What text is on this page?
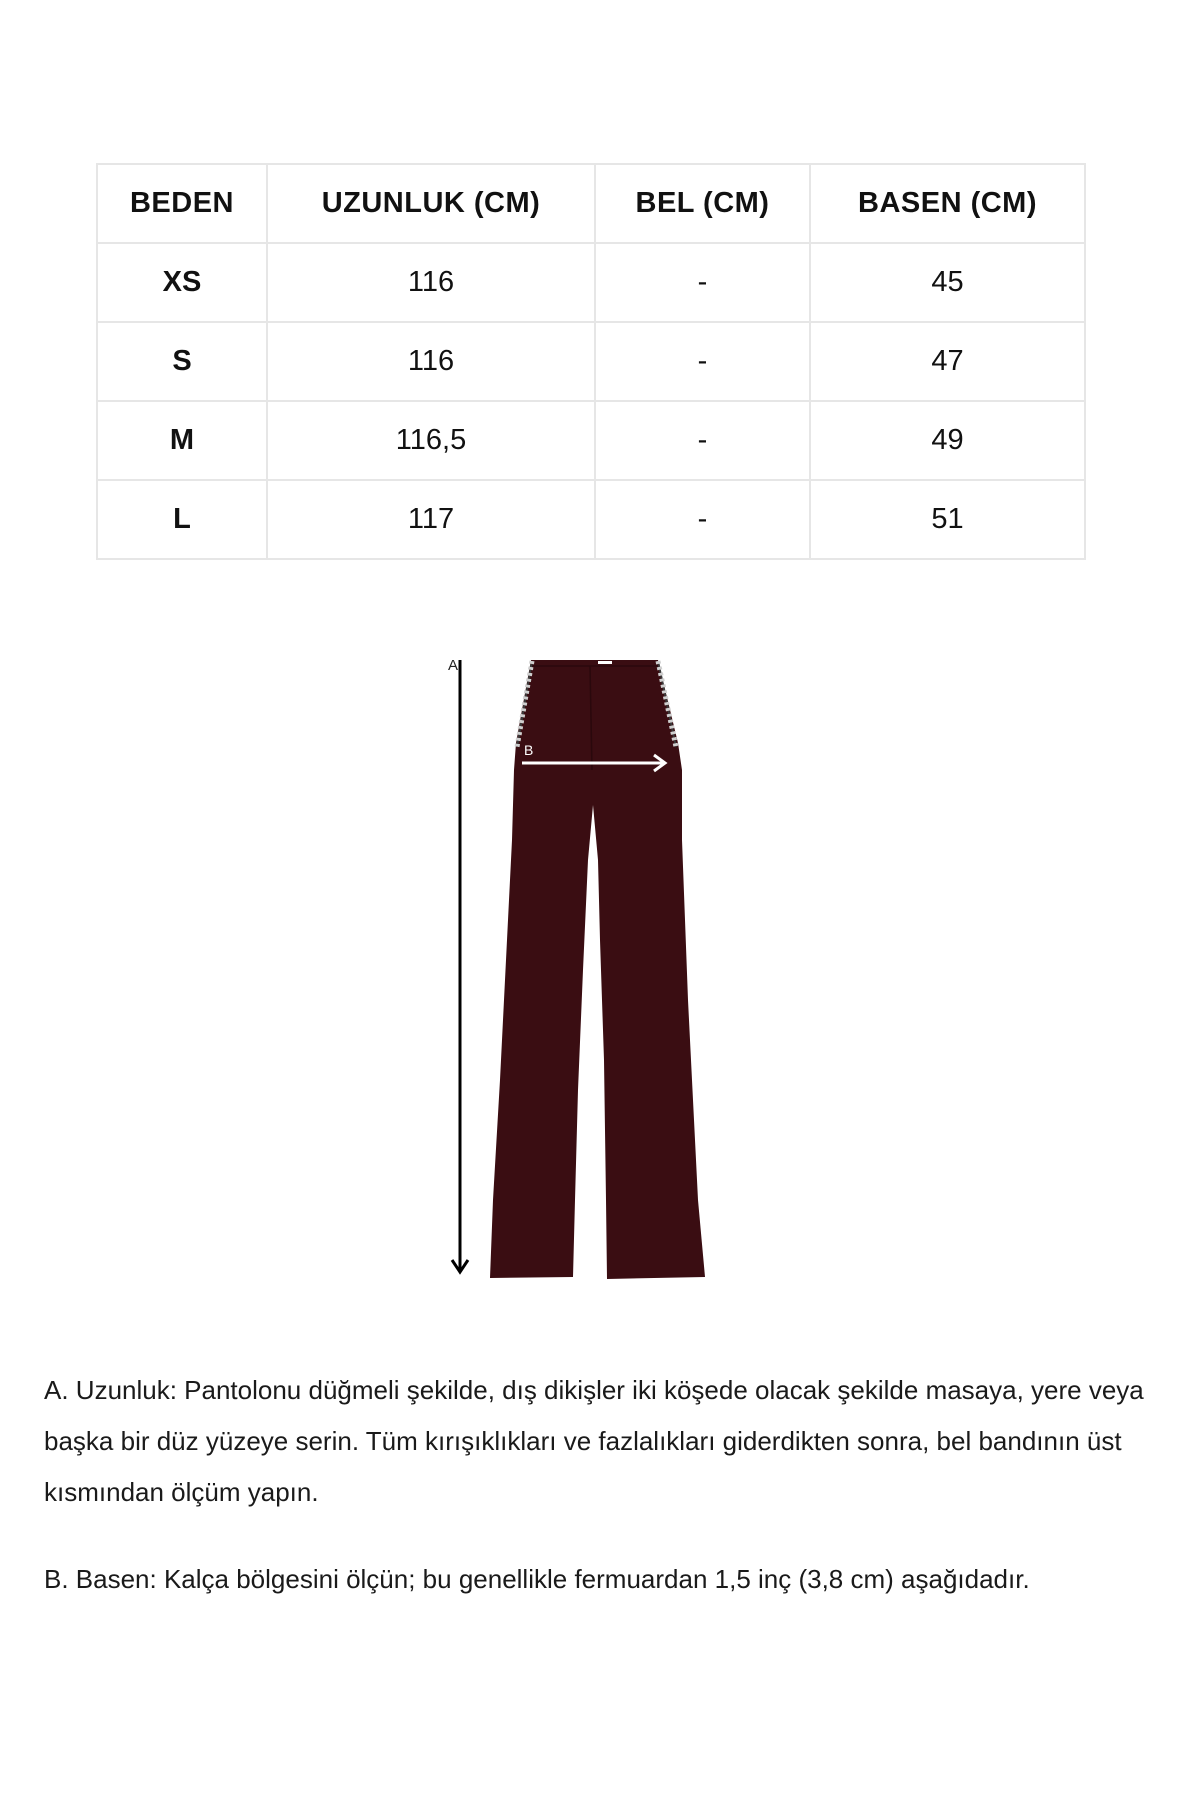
BEDEN	UZUNLUK (CM)	BEL (CM)	BASEN (CM)
XS	116	-	45
S	116	-	47
M	116,5	-	49
L	117	-	51
A
B

A. Uzunluk: Pantolonu düğmeli şekilde, dış dikişler iki köşede olacak şekilde masaya, yere veya başka bir düz yüzeye serin. Tüm kırışıklıkları ve fazlalıkları giderdikten sonra, bel bandının üst kısmından ölçüm yapın.

B. Basen: Kalça bölgesini ölçün; bu genellikle fermuardan 1,5 inç (3,8 cm) aşağıdadır.
